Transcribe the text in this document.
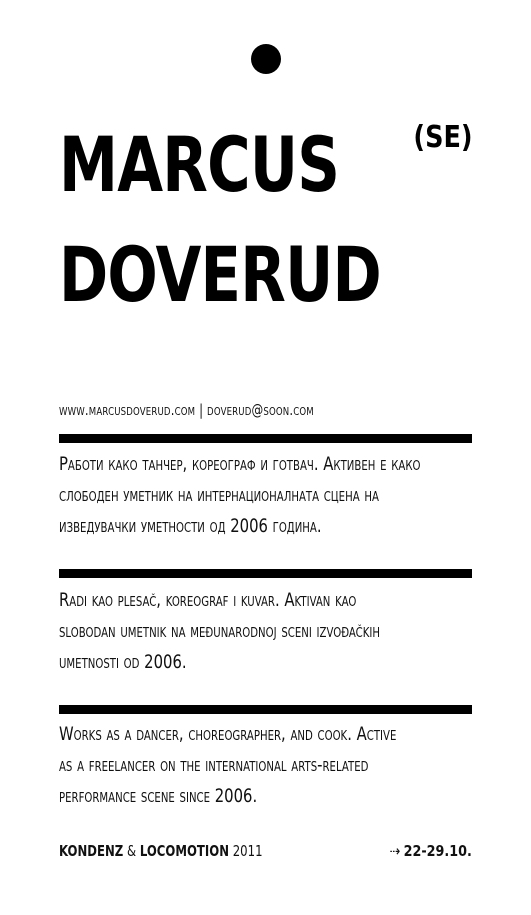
MARCUS
DOVERUD
(SE)
www.marcusdoverud.com | doverud@soon.com

Работи како танчер, кореограф и готвач. Активен е како
слободен уметник на интернационалната сцена на
изведувачки уметности од 2006 година.

Radi kao plesač, koreograf i kuvar. Aktivan kao
slobodan umetnik na međunarodnoj sceni izvođačkih
umetnosti od 2006.

Works as a dancer, choreographer, and cook. Active
as a freelancer on the international arts-related
performance scene since 2006.

KONDENZ & LOCOMOTION 2011	⇢ 22-29.10.
